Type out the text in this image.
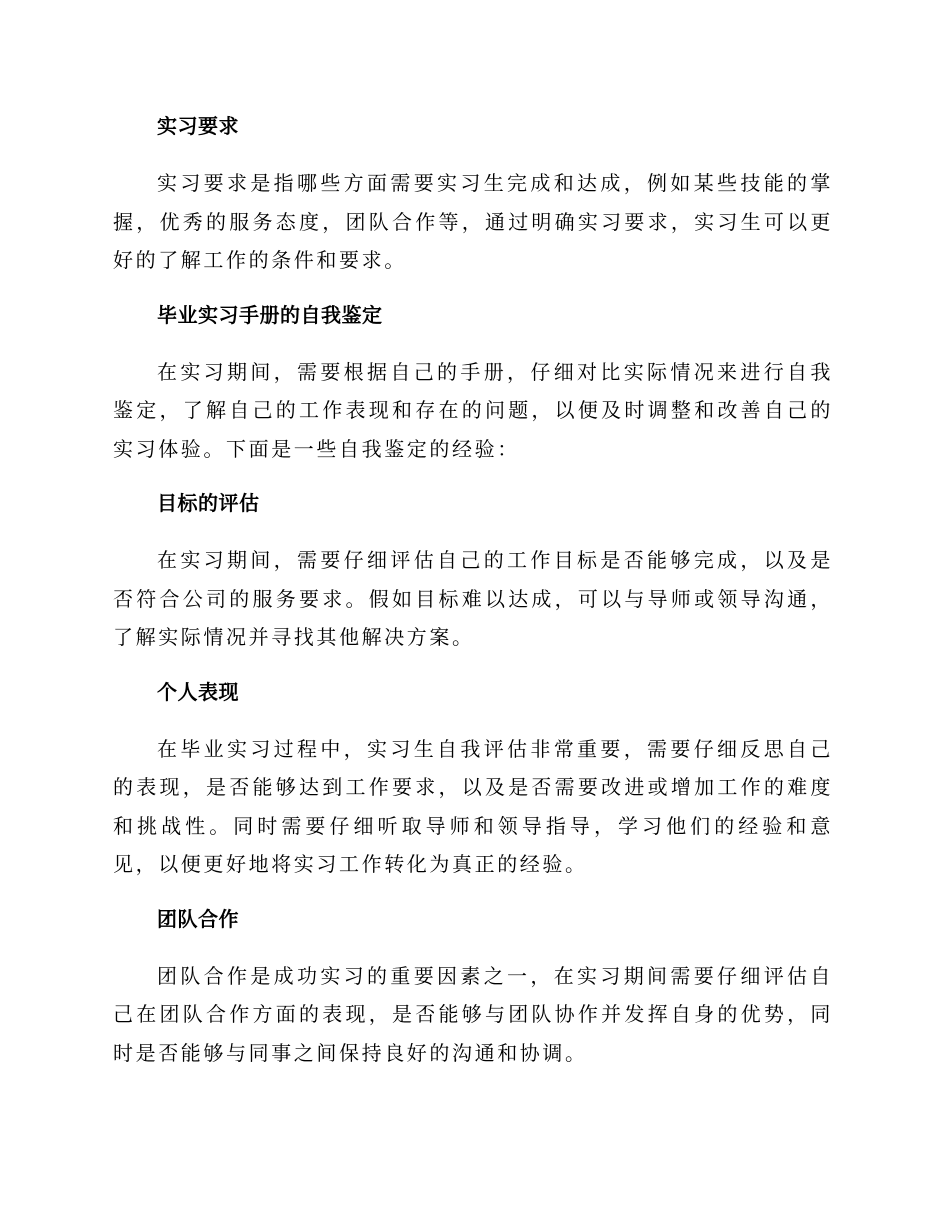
实习要求

实习要求是指哪些方面需要实习生完成和达成，例如某些技能的掌握，优秀的服务态度，团队合作等，通过明确实习要求，实习生可以更好的了解工作的条件和要求。

毕业实习手册的自我鉴定

在实习期间，需要根据自己的手册，仔细对比实际情况来进行自我鉴定，了解自己的工作表现和存在的问题，以便及时调整和改善自己的实习体验。下面是一些自我鉴定的经验：

目标的评估

在实习期间，需要仔细评估自己的工作目标是否能够完成，以及是否符合公司的服务要求。假如目标难以达成，可以与导师或领导沟通，了解实际情况并寻找其他解决方案。

个人表现

在毕业实习过程中，实习生自我评估非常重要，需要仔细反思自己的表现，是否能够达到工作要求，以及是否需要改进或增加工作的难度和挑战性。同时需要仔细听取导师和领导指导，学习他们的经验和意见，以便更好地将实习工作转化为真正的经验。

团队合作

团队合作是成功实习的重要因素之一，在实习期间需要仔细评估自己在团队合作方面的表现，是否能够与团队协作并发挥自身的优势，同时是否能够与同事之间保持良好的沟通和协调。
